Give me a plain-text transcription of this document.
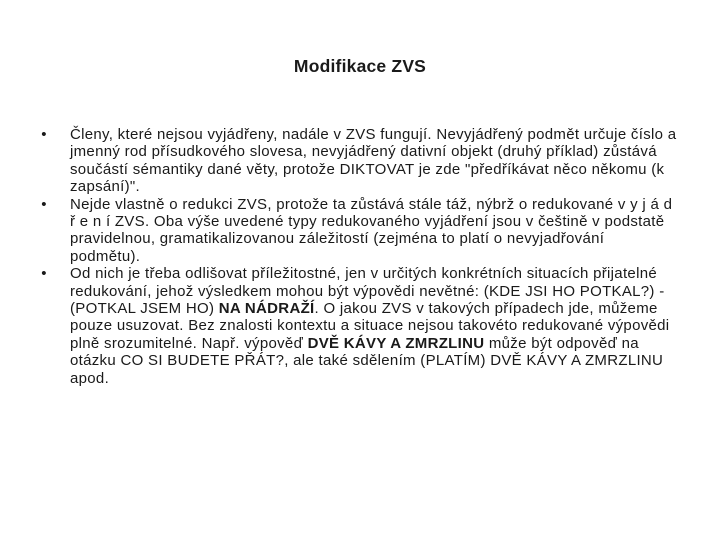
Modifikace ZVS
• Členy, které nejsou vyjádřeny, nadále v ZVS fungují. Nevyjádřený podmět určuje číslo a jmenný rod přísudkového slovesa, nevyjádřený dativní objekt (druhý příklad) zůstává součástí sémantiky dané věty, protože DIKTOVAT je zde "předříkávat něco někomu (k zapsání)".
• Nejde vlastně o redukci ZVS, protože ta zůstává stále táž, nýbrž o redukované v y j á d ř e n í ZVS. Oba výše uvedené typy redukovaného vyjádření jsou v češtině v podstatě pravidelnou, gramatikalizovanou záležitostí (zejména to platí o nevyjadřování podmětu).
• Od nich je třeba odlišovat příležitostné, jen v určitých konkrétních situacích přijatelné redukování, jehož výsledkem mohou být výpovědi nevětné: (KDE JSI HO POTKAL?) - (POTKAL JSEM HO) NA NÁDRAŽÍ. O jakou ZVS v takových případech jde, můžeme pouze usuzovat. Bez znalosti kontextu a situace nejsou takovéto redukované výpovědi plně srozumitelné. Např. výpověď DVĚ KÁVY A ZMRZLINU může být odpověď na otázku CO SI BUDETE PŘÁT?, ale také sdělením (PLATÍM) DVĚ KÁVY A ZMRZLINU apod.
